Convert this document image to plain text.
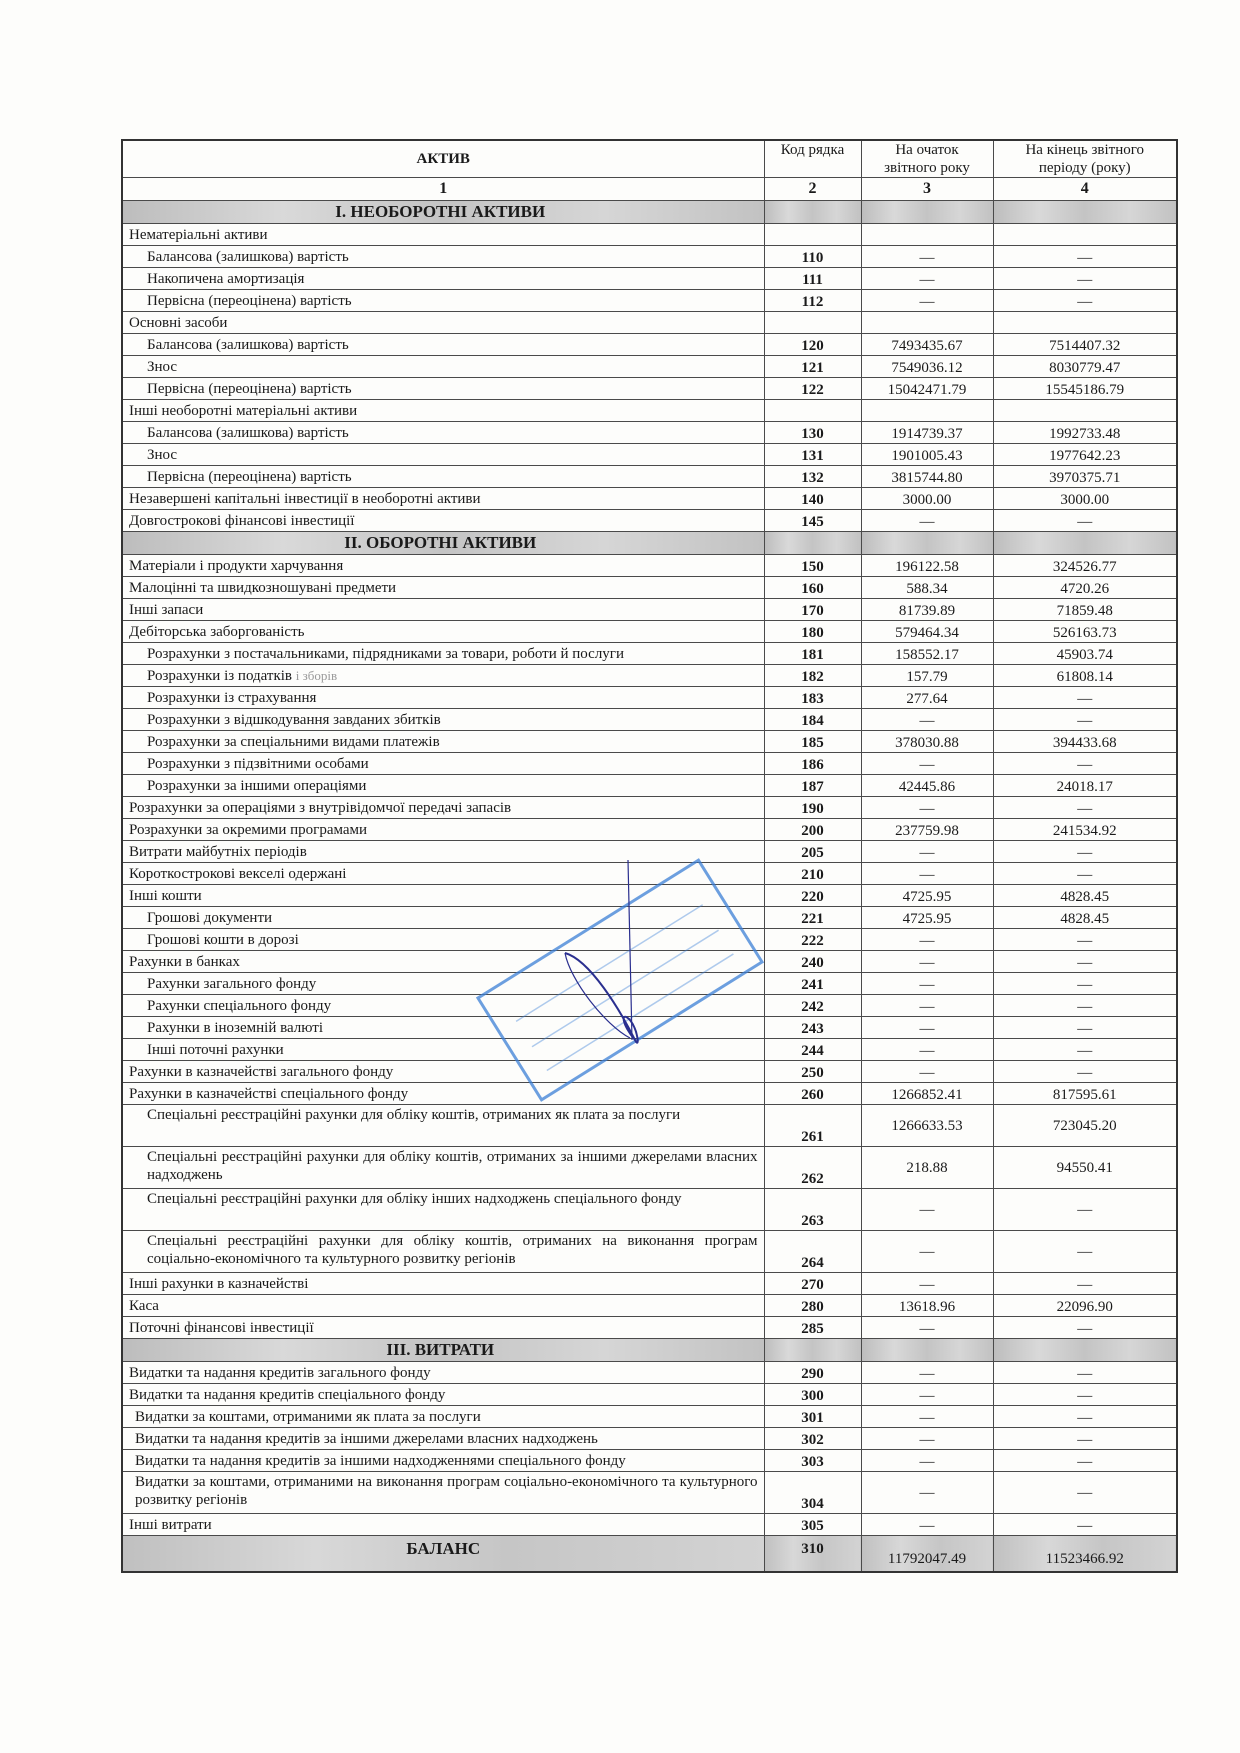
АКТИВ	Код рядка	На очаток звітного року	На кінець звітного періоду (року)
1	2	3	4
І. НЕОБОРОТНІ АКТИВИ			
Нематеріальні активи			
Балансова (залишкова) вартість	110	—	—
Накопичена амортизація	111	—	—
Первісна (переоцінена) вартість	112	—	—
Основні засоби			
Балансова (залишкова) вартість	120	7493435.67	7514407.32
Знос	121	7549036.12	8030779.47
Первісна (переоцінена) вартість	122	15042471.79	15545186.79
Інші необоротні матеріальні активи			
Балансова (залишкова) вартість	130	1914739.37	1992733.48
Знос	131	1901005.43	1977642.23
Первісна (переоцінена) вартість	132	3815744.80	3970375.71
Незавершені капітальні інвестиції в необоротні активи	140	3000.00	3000.00
Довгострокові фінансові інвестиції	145	—	—
ІІ. ОБОРОТНІ АКТИВИ			
Матеріали і продукти харчування	150	196122.58	324526.77
Малоцінні та швидкозношувані предмети	160	588.34	4720.26
Інші запаси	170	81739.89	71859.48
Дебіторська заборгованість	180	579464.34	526163.73
Розрахунки з постачальниками, підрядниками за товари, роботи й послуги	181	158552.17	45903.74
Розрахунки із податків і зборів	182	157.79	61808.14
Розрахунки із страхування	183	277.64	—
Розрахунки з відшкодування завданих збитків	184	—	—
Розрахунки за спеціальними видами платежів	185	378030.88	394433.68
Розрахунки з підзвітними особами	186	—	—
Розрахунки за іншими операціями	187	42445.86	24018.17
Розрахунки за операціями з внутрівідомчої передачі запасів	190	—	—
Розрахунки за окремими програмами	200	237759.98	241534.92
Витрати майбутніх періодів	205	—	—
Короткострокові векселі одержані	210	—	—
Інші кошти	220	4725.95	4828.45
Грошові документи	221	4725.95	4828.45
Грошові кошти в дорозі	222	—	—
Рахунки в банках	240	—	—
Рахунки загального фонду	241	—	—
Рахунки спеціального фонду	242	—	—
Рахунки в іноземній валюті	243	—	—
Інші поточні рахунки	244	—	—
Рахунки в казначействі загального фонду	250	—	—
Рахунки в казначействі спеціального фонду	260	1266852.41	817595.61
Спеціальні реєстраційні рахунки для обліку коштів, отриманих як плата за послуги	261	1266633.53	723045.20
Спеціальні реєстраційні рахунки для обліку коштів, отриманих за іншими джерелами власних надходжень	262	218.88	94550.41
Спеціальні реєстраційні рахунки для обліку інших надходжень спеціального фонду	263	—	—
Спеціальні реєстраційні рахунки для обліку коштів, отриманих на виконання програм соціально-економічного та культурного розвитку регіонів	264	—	—
Інші рахунки в казначействі	270	—	—
Каса	280	13618.96	22096.90
Поточні фінансові інвестиції	285	—	—
ІІІ. ВИТРАТИ			
Видатки та надання кредитів загального фонду	290	—	—
Видатки та надання кредитів спеціального фонду	300	—	—
Видатки за коштами, отриманими як плата за послуги	301	—	—
Видатки та надання кредитів за іншими джерелами власних надходжень	302	—	—
Видатки та надання кредитів за іншими надходженнями спеціального фонду	303	—	—
Видатки за коштами, отриманими на виконання програм соціально-економічного та культурного розвитку регіонів	304	—	—
Інші витрати	305	—	—
БАЛАНС	310	11792047.49	11523466.92
